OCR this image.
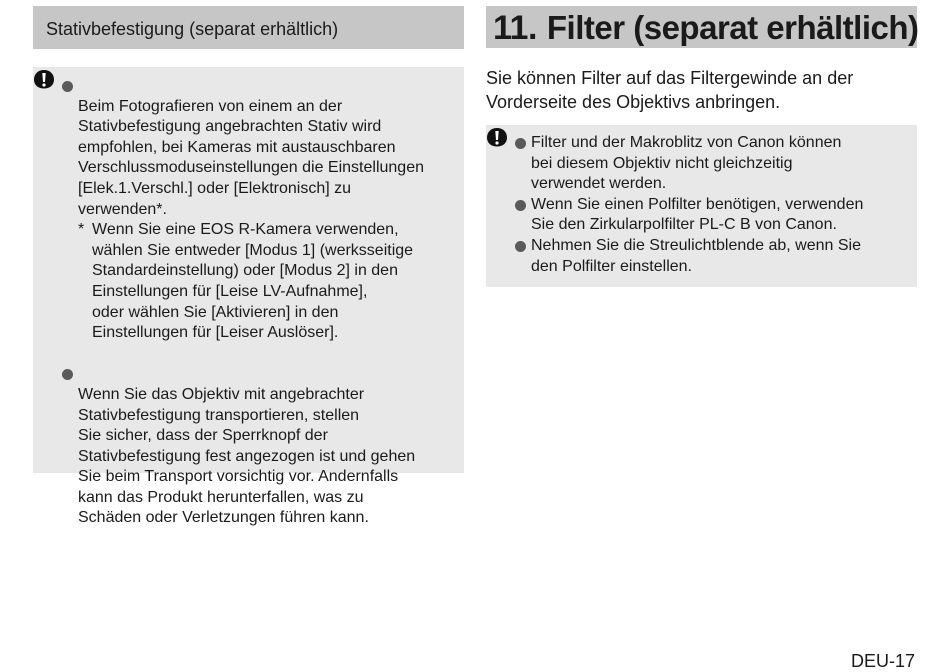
Stativbefestigung (separat erhältlich)

Beim Fotografieren von einem an der
Stativbefestigung angebrachten Stativ wird
empfohlen, bei Kameras mit austauschbaren
Verschlussmoduseinstellungen die Einstellungen
[Elek.1.Verschl.] oder [Elektronisch] zu
verwenden*.

* Wenn Sie eine EOS R-Kamera verwenden,
wählen Sie entweder [Modus 1] (werksseitige
Standardeinstellung) oder [Modus 2] in den
Einstellungen für [Leise LV-Aufnahme],
oder wählen Sie [Aktivieren] in den
Einstellungen für [Leiser Auslöser].

Wenn Sie das Objektiv mit angebrachter
Stativbefestigung transportieren, stellen
Sie sicher, dass der Sperrknopf der
Stativbefestigung fest angezogen ist und gehen
Sie beim Transport vorsichtig vor. Andernfalls
kann das Produkt herunterfallen, was zu
Schäden oder Verletzungen führen kann.

11. Filter (separat erhältlich)
Sie können Filter auf das Filtergewinde an der
Vorderseite des Objektivs anbringen.
Filter und der Makroblitz von Canon können
bei diesem Objektiv nicht gleichzeitig
verwendet werden.
Wenn Sie einen Polfilter benötigen, verwenden
Sie den Zirkularpolfilter PL-C B von Canon.
Nehmen Sie die Streulichtblende ab, wenn Sie
den Polfilter einstellen.
DEU-17
